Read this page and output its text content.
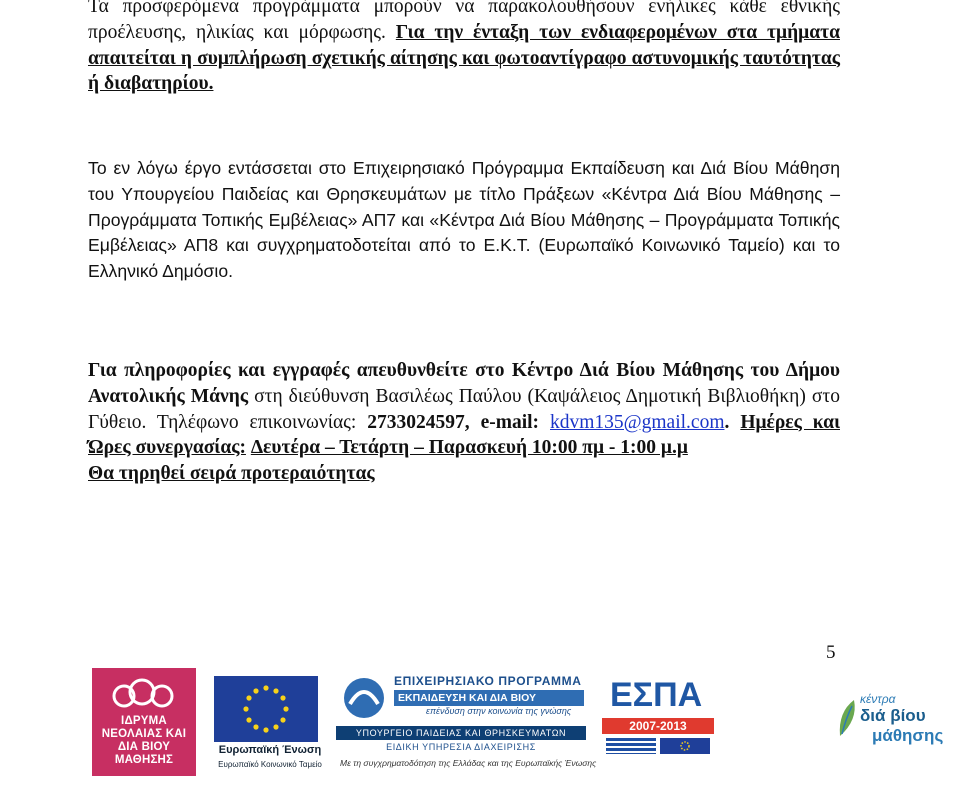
Τα προσφερόμενα προγράμματα μπορούν να παρακολουθήσουν ενήλικες κάθε εθνικής προέλευσης, ηλικίας και μόρφωσης. Για την ένταξη των ενδιαφερομένων στα τμήματα απαιτείται η συμπλήρωση σχετικής αίτησης και φωτοαντίγραφο αστυνομικής ταυτότητας ή διαβατηρίου.

Το εν λόγω έργο εντάσσεται στο Επιχειρησιακό Πρόγραμμα Εκπαίδευση και Διά Βίου Μάθηση του Υπουργείου Παιδείας και Θρησκευμάτων με τίτλο Πράξεων «Κέντρα Διά Βίου Μάθησης – Προγράμματα Τοπικής Εμβέλειας» ΑΠ7 και «Κέντρα Διά Βίου Μάθησης – Προγράμματα Τοπικής Εμβέλειας» ΑΠ8 και συγχρηματοδοτείται από το Ε.Κ.Τ. (Ευρωπαϊκό Κοινωνικό Ταμείο) και το Ελληνικό Δημόσιο.

Για πληροφορίες και εγγραφές απευθυνθείτε στο Κέντρο Διά Βίου Μάθησης του Δήμου Ανατολικής Μάνης στη διεύθυνση Βασιλέως Παύλου (Καψάλειος Δημοτική Βιβλιοθήκη) στο Γύθειο. Τηλέφωνο επικοινωνίας: 2733024597, e-mail: kdvm135@gmail.com. Ημέρες και Ώρες συνεργασίας: Δευτέρα – Τετάρτη – Παρασκευή 10:00 πμ - 1:00 μ.μ
Θα τηρηθεί σειρά προτεραιότητας

5
ΙΔΡΥΜΑ ΝΕΟΛΑΙΑΣ ΚΑΙ ΔΙΑ ΒΙΟΥ ΜΑΘΗΣΗΣ
Ευρωπαϊκή Ένωση
Ευρωπαϊκό Κοινωνικό Ταμείο
ΕΠΙΧΕΙΡΗΣΙΑΚΟ ΠΡΟΓΡΑΜΜΑ
ΕΚΠΑΙΔΕΥΣΗ ΚΑΙ ΔΙΑ ΒΙΟΥ ΜΑΘΗΣΗ
επένδυση στην κοινωνία της γνώσης
ΥΠΟΥΡΓΕΙΟ ΠΑΙΔΕΙΑΣ ΚΑΙ ΘΡΗΣΚΕΥΜΑΤΩΝ
ΕΙΔΙΚΗ ΥΠΗΡΕΣΙΑ ΔΙΑΧΕΙΡΙΣΗΣ
ΕΣΠΑ
2007-2013
Με τη συγχρηματοδότηση της Ελλάδας και της Ευρωπαϊκής Ένωσης
κέντρα
διά βίου
μάθησης
